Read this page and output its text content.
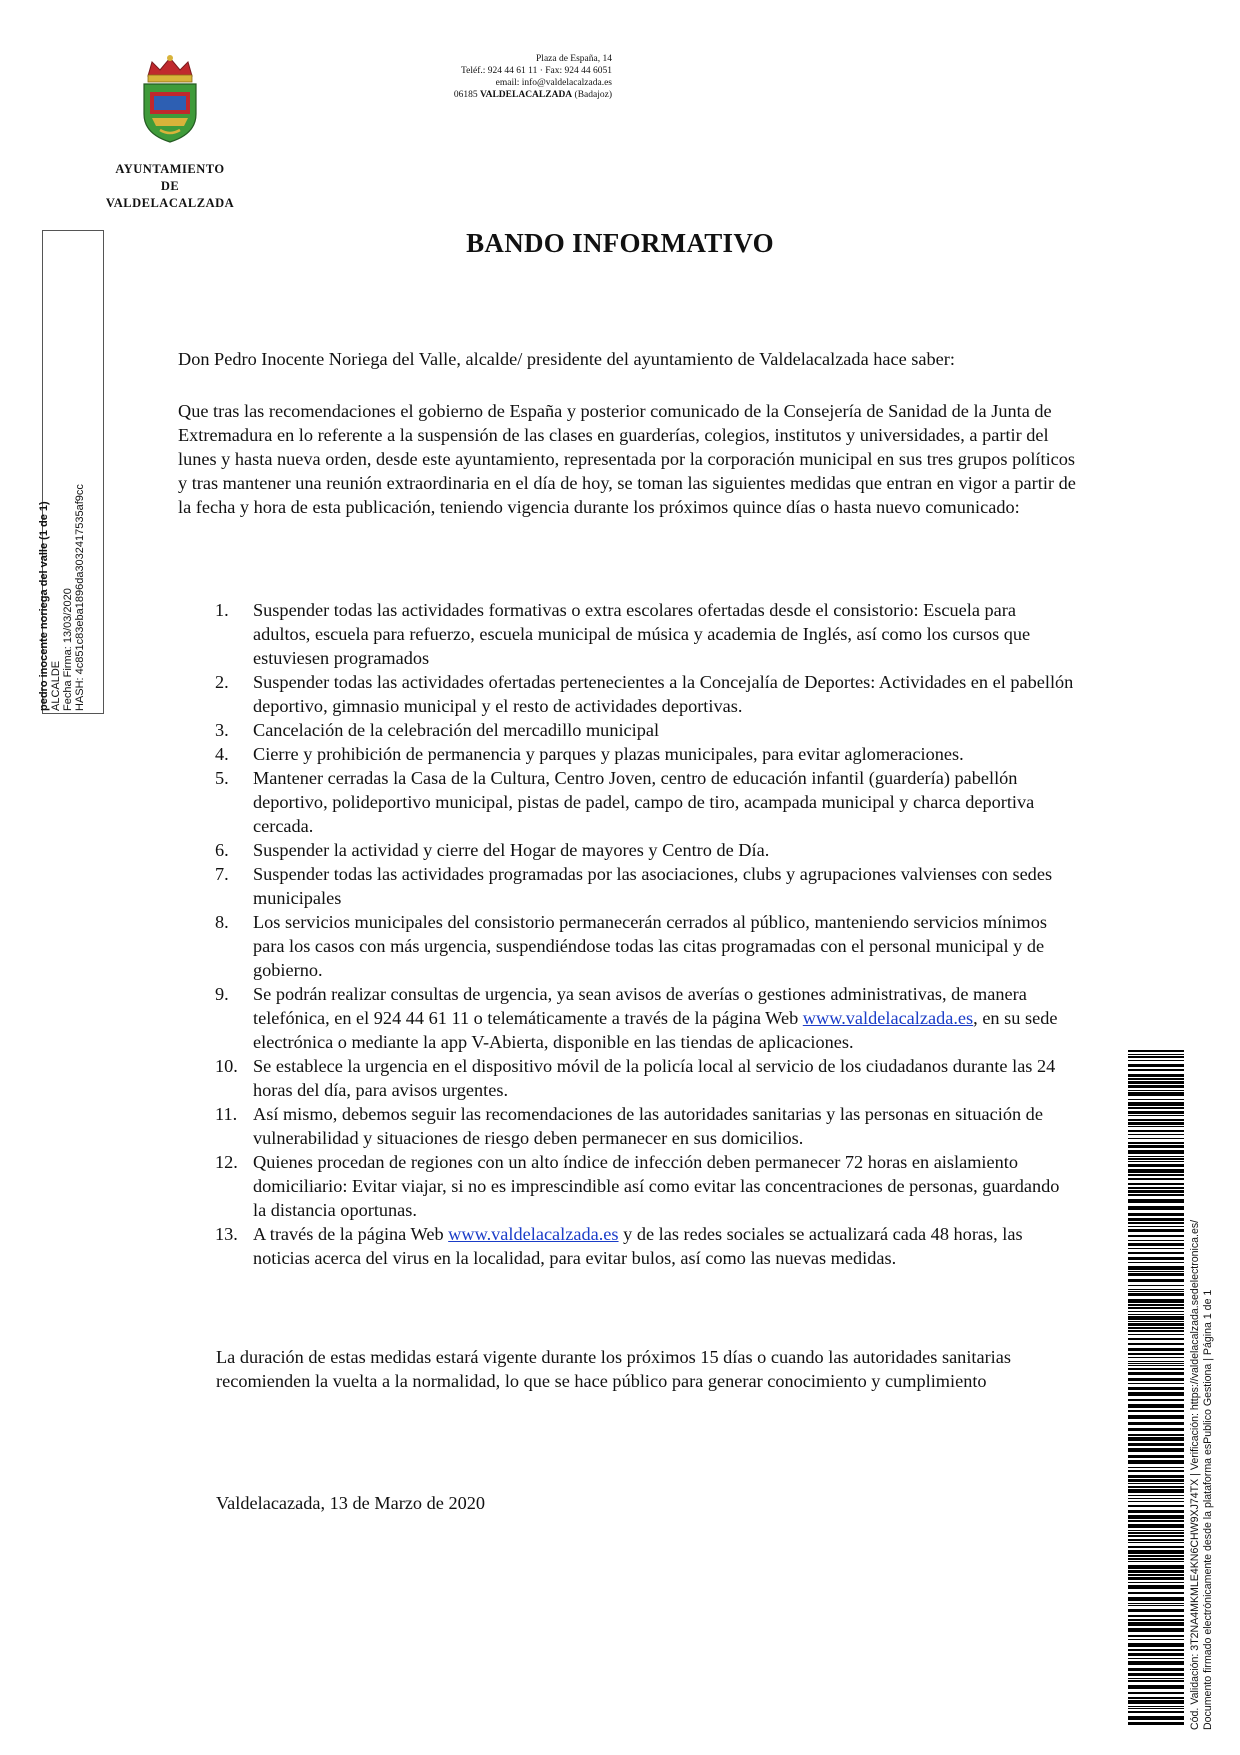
AYUNTAMIENTO
DE
VALDELACALZADA
Plaza de España, 14
Teléf.: 924 44 61 11 · Fax: 924 44 6051
email: info@valdelacalzada.es
06185 VALDELACALZADA (Badajoz)
pedro inocente noriega del valle (1 de 1) ALCALDE Fecha Firma: 13/03/2020 HASH: 4c851c83eba1896da3032417535af9cc
BANDO INFORMATIVO
Don Pedro Inocente Noriega del Valle, alcalde/ presidente del ayuntamiento de Valdelacalzada hace saber:
Que tras las recomendaciones el gobierno de España y posterior comunicado de la Consejería de Sanidad de la Junta de Extremadura en lo referente a la suspensión de las clases en guarderías, colegios, institutos y universidades, a partir del lunes y hasta nueva orden, desde este ayuntamiento, representada por la corporación municipal en sus tres grupos políticos y tras mantener una reunión extraordinaria en el día de hoy, se toman las siguientes medidas que entran en vigor a partir de la fecha y hora de esta publicación, teniendo vigencia durante los próximos quince días o hasta nuevo comunicado:
1.	Suspender todas las actividades formativas o extra escolares ofertadas desde el consistorio: Escuela para adultos, escuela para refuerzo, escuela municipal de música y academia de Inglés, así como los cursos que estuviesen programados
2.	Suspender todas las actividades ofertadas pertenecientes a la Concejalía de Deportes: Actividades en el pabellón deportivo, gimnasio municipal y el resto de actividades deportivas.
3.	Cancelación de la celebración del mercadillo municipal
4.	Cierre y prohibición de permanencia y parques y plazas municipales, para evitar aglomeraciones.
5.	Mantener cerradas la Casa de la Cultura, Centro Joven, centro de educación infantil (guardería) pabellón deportivo, polideportivo municipal, pistas de padel, campo de tiro, acampada municipal y charca deportiva cercada.
6.	Suspender la actividad y cierre del Hogar de mayores y Centro de Día.
7.	Suspender todas las actividades programadas por las asociaciones, clubs y agrupaciones valvienses con sedes municipales
8.	Los servicios municipales del consistorio permanecerán cerrados al público, manteniendo servicios mínimos para los casos con más urgencia, suspendiéndose todas las citas programadas con el personal municipal y de gobierno.
9.	Se podrán realizar consultas de urgencia, ya sean avisos de averías o gestiones administrativas, de manera telefónica, en el 924 44 61 11 o telemáticamente a través de la página Web www.valdelacalzada.es, en su sede electrónica o mediante la app V-Abierta, disponible en las tiendas de aplicaciones.
10. Se establece la urgencia en el dispositivo móvil de la policía local al servicio de los ciudadanos durante las 24 horas del día, para avisos urgentes.
11. Así mismo, debemos seguir las recomendaciones de las autoridades sanitarias y las personas en situación de vulnerabilidad y situaciones de riesgo deben permanecer en sus domicilios.
12. Quienes procedan de regiones con un alto índice de infección deben permanecer 72 horas en aislamiento domiciliario: Evitar viajar, si no es imprescindible así como evitar las concentraciones de personas, guardando la distancia oportunas.
13. A través de la página Web www.valdelacalzada.es y de las redes sociales se actualizará cada 48 horas, las noticias acerca del virus en la localidad, para evitar bulos, así como las nuevas medidas.
La duración de estas medidas estará vigente durante los próximos 15 días o cuando las autoridades sanitarias recomienden la vuelta a la normalidad, lo que se hace público para generar conocimiento y cumplimiento
Valdelacazada, 13 de Marzo de 2020	Cód. Validación: 3T2NA4MKMLE4KN6CHW9XJ74TX | Verificación: https://valdelacalzada.sedelectronica.es/ Documento firmado electrónicamente desde la plataforma esPublico Gestiona | Página 1 de 1
